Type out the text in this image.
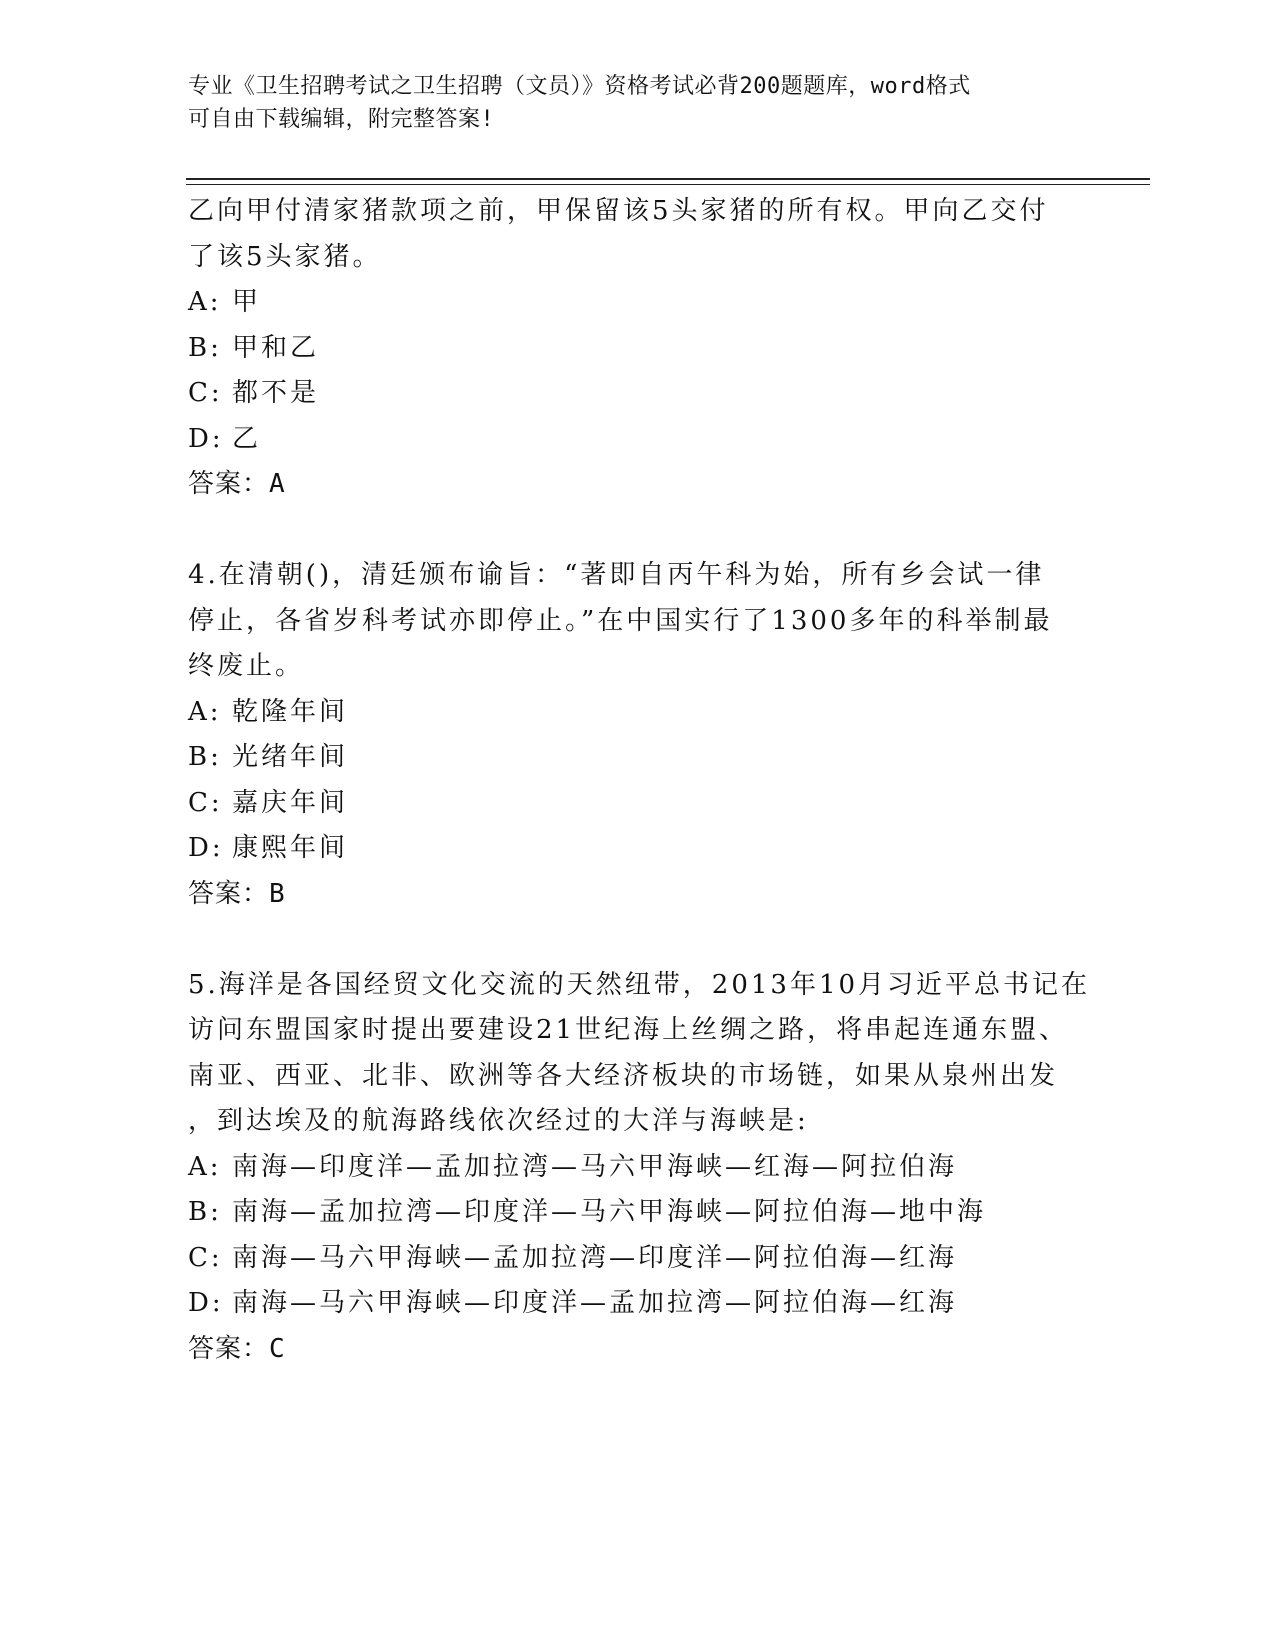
专业《卫生招聘考试之卫生招聘（文员）》资格考试必背200题题库，word格式
可自由下载编辑，附完整答案!
乙向甲付清家猪款项之前，甲保留该5头家猪的所有权。甲向乙交付
了该5头家猪。
A: 甲
B: 甲和乙
C: 都不是
D: 乙
答案：A
4.在清朝()，清廷颁布谕旨：“著即自丙午科为始，所有乡会试一律
停止，各省岁科考试亦即停止。”在中国实行了1300多年的科举制最
终废止。
A: 乾隆年间
B: 光绪年间
C: 嘉庆年间
D: 康熙年间
答案：B
5.海洋是各国经贸文化交流的天然纽带，2013年10月习近平总书记在
访问东盟国家时提出要建设21世纪海上丝绸之路，将串起连通东盟、
南亚、西亚、北非、欧洲等各大经济板块的市场链，如果从泉州出发
，到达埃及的航海路线依次经过的大洋与海峡是:
A: 南海—印度洋—孟加拉湾—马六甲海峡—红海—阿拉伯海
B: 南海—孟加拉湾—印度洋—马六甲海峡—阿拉伯海—地中海
C: 南海—马六甲海峡—孟加拉湾—印度洋—阿拉伯海—红海
D: 南海—马六甲海峡—印度洋—孟加拉湾—阿拉伯海—红海
答案：C
